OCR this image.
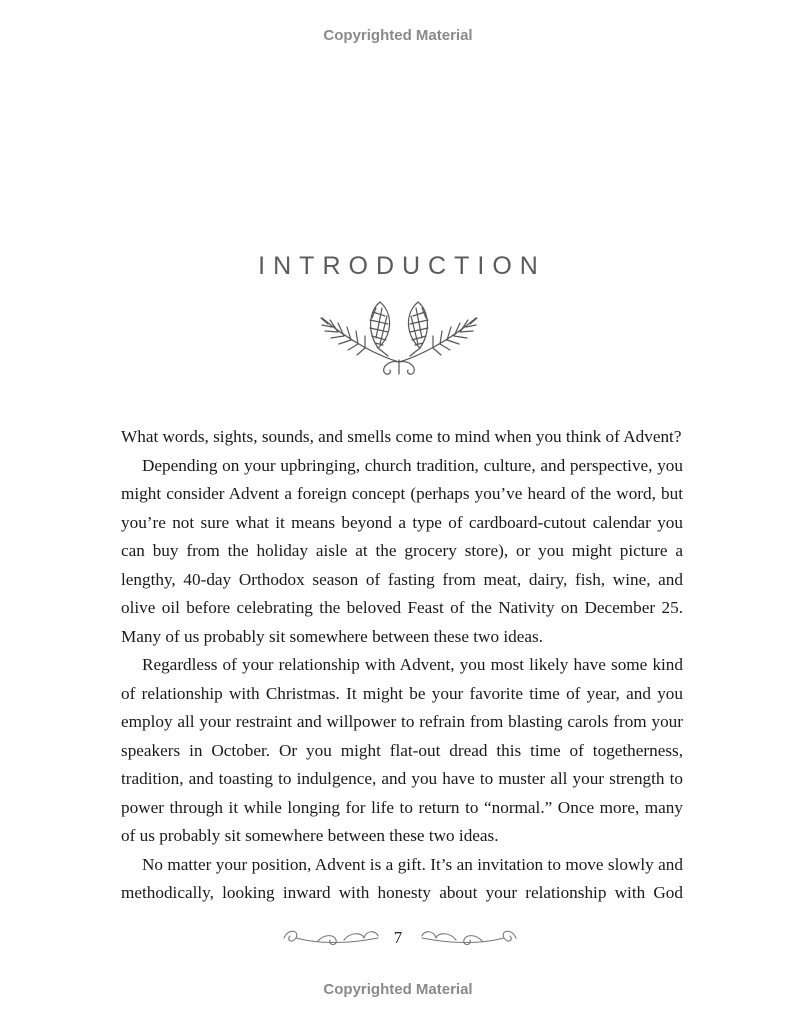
Copyrighted Material
INTRODUCTION

What words, sights, sounds, and smells come to mind when you think of Advent?

Depending on your upbringing, church tradition, culture, and perspective, you might consider Advent a foreign concept (perhaps you’ve heard of the word, but you’re not sure what it means beyond a type of cardboard-cutout calendar you can buy from the holiday aisle at the grocery store), or you might picture a lengthy, 40-day Orthodox season of fasting from meat, dairy, fish, wine, and olive oil before celebrating the beloved Feast of the Nativity on December 25. Many of us probably sit somewhere between these two ideas.

Regardless of your relationship with Advent, you most likely have some kind of relationship with Christmas. It might be your favorite time of year, and you employ all your restraint and willpower to refrain from blasting carols from your speakers in October. Or you might flat-out dread this time of togetherness, tradition, and toasting to indulgence, and you have to muster all your strength to power through it while longing for life to return to “normal.” Once more, many of us probably sit somewhere between these two ideas.

No matter your position, Advent is a gift. It’s an invitation to move slowly and methodically, looking inward with honesty about your relationship with God

7
Copyrighted Material
